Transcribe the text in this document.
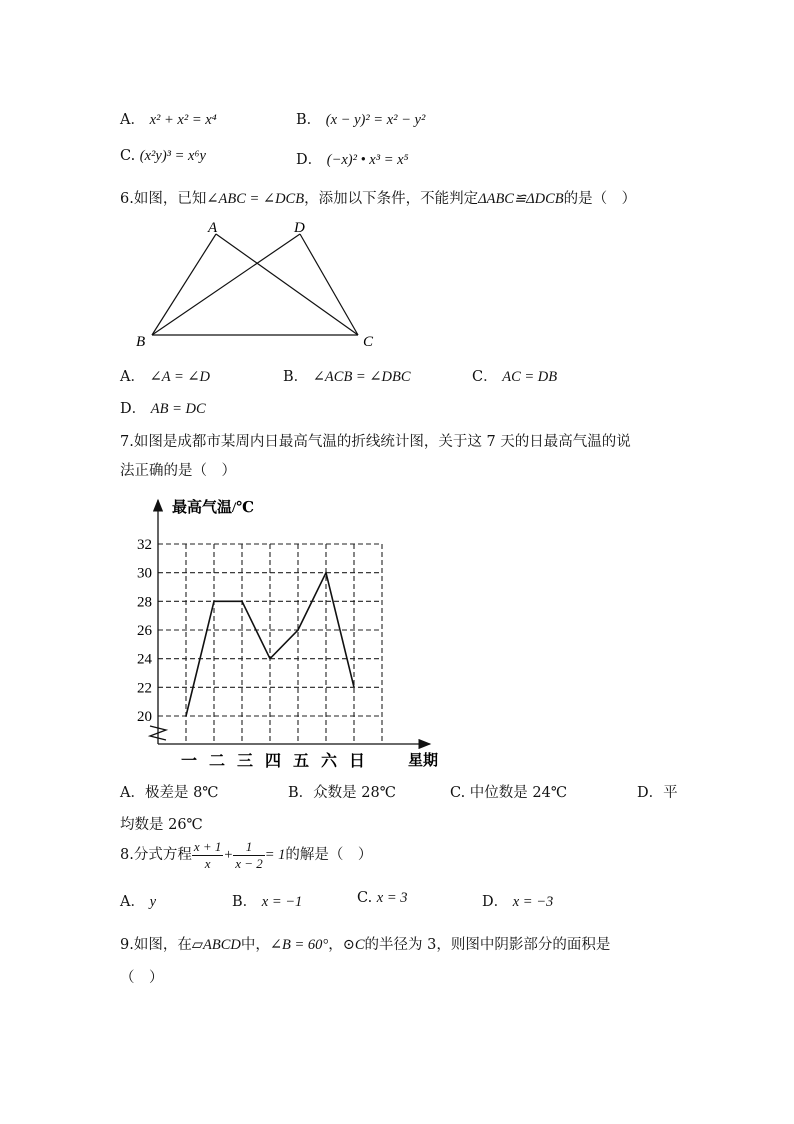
A． x² + x² = x⁴	B． (x − y)² = x² − y²
C. (x²y)³ = x⁶y	D． (−x)² • x³ = x⁵
6.如图，已知∠ABC = ∠DCB，添加以下条件，不能判定ΔABC≌ΔDCB的是（　）
A	D
B	C
A． ∠A = ∠D	B． ∠ACB = ∠DBC	C． AC = DB
D． AB = DC
7.如图是成都市某周内日最高气温的折线统计图，关于这 7 天的日最高气温的说
法正确的是（　）
20
22
24
26
28
30
32
一 二 三 四 五 六 日
最高气温/℃
星期
A．极差是 8℃	B．众数是 28℃	C. 中位数是 24℃	D．平
均数是 26℃
8.分式方程 $\frac{x + 1}{x} + \frac{1}{x - 2} = 1$的解是（　）
A． y	B． x = −1	C. x = 3	D． x = −3
9.如图，在▱ABCD中，∠B = 60°，⊙C的半径为 3，则图中阴影部分的面积是
（　）
